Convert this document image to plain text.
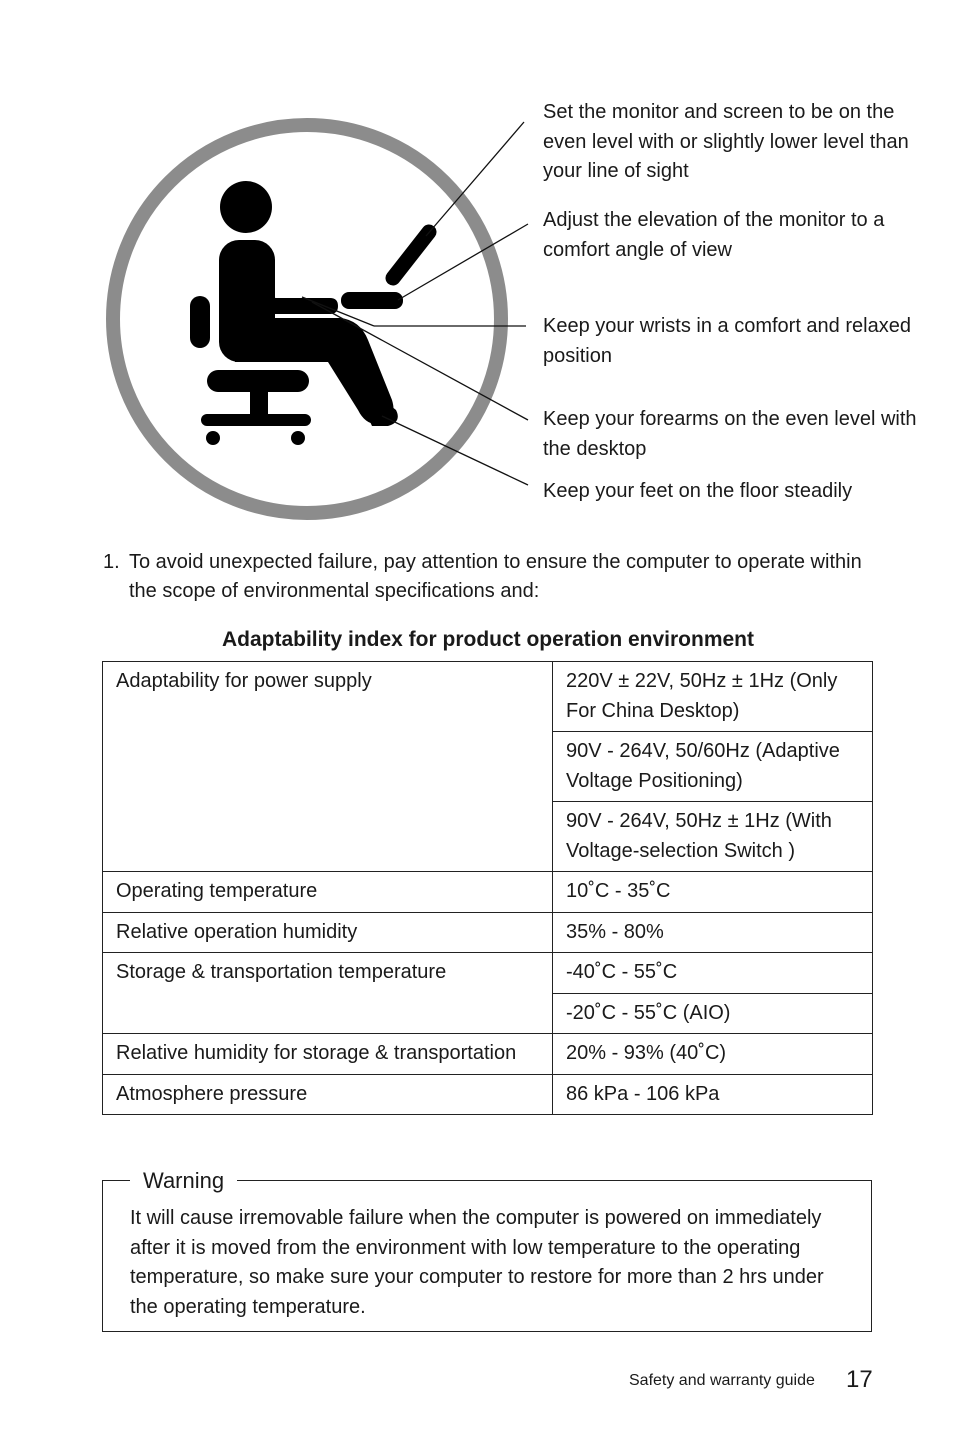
Set the monitor and screen to be on the even level with or slightly lower level than your line of sight
Adjust the elevation of the monitor to a comfort angle of view
Keep your wrists in a comfort and relaxed position
Keep your forearms on the even level with the desktop
Keep your feet on the floor steadily
1. To avoid unexpected failure, pay attention to ensure the computer to operate within the scope of environmental specifications and:
Adaptability index for product operation environment
Adaptability for power supply	220V ± 22V, 50Hz ± 1Hz (Only For China Desktop)
	90V - 264V, 50/60Hz (Adaptive Voltage Positioning)
	90V - 264V, 50Hz ± 1Hz (With Voltage-selection Switch )
Operating temperature	10˚C - 35˚C
Relative operation humidity	35% - 80%
Storage & transportation temperature	-40˚C - 55˚C
	-20˚C - 55˚C (AIO)
Relative humidity for storage & transportation	20% - 93% (40˚C)
Atmosphere pressure	86 kPa - 106 kPa
Warning
It will cause irremovable failure when the computer is powered on immediately after it is moved from the environment with low temperature to the operating temperature, so make sure your computer to restore for more than 2 hrs under the operating temperature.
Safety and warranty guide 17
